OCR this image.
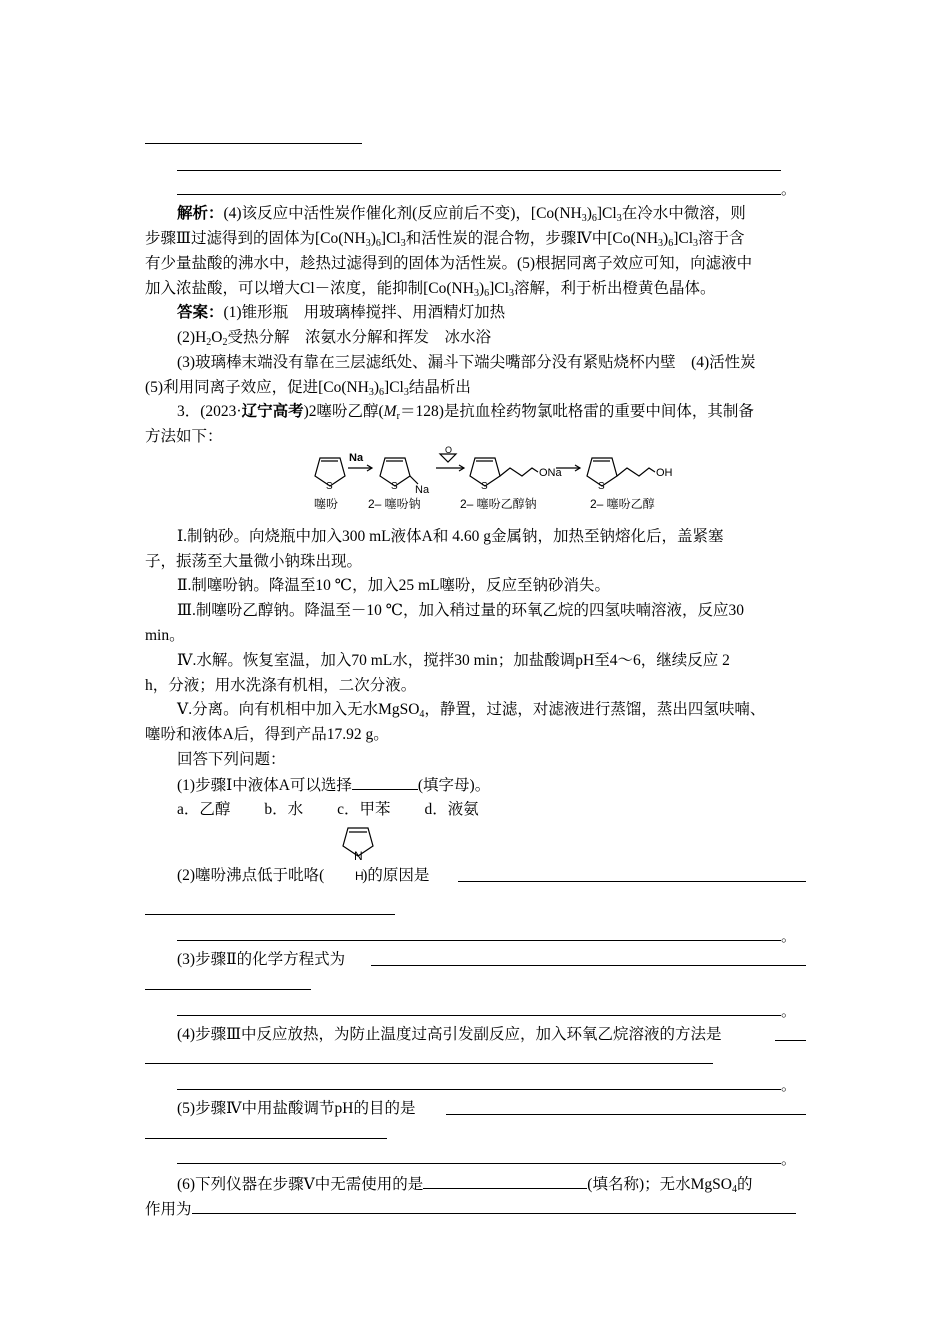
。
解析：(4)该反应中活性炭作催化剂(反应前后不变)，$[Co(NH_3)_6]Cl_3$在冷水中微溶，则
步骤Ⅲ过滤得到的固体为$[Co(NH_3)_6]Cl_3$和活性炭的混合物，步骤Ⅳ中$[Co(NH_3)_6]Cl_3$溶于含
有少量盐酸的沸水中，趁热过滤得到的固体为活性炭。(5)根据同离子效应可知，向滤液中
加入浓盐酸，可以增大Cl－浓度，能抑制$[Co(NH_3)_6]Cl_3$溶解，利于析出橙黄色晶体。
答案：(1)锥形瓶　用玻璃棒搅拌、用酒精灯加热
$(2)H_2O_2$受热分解　浓氨水分解和挥发　冰水浴
(3)玻璃棒末端没有靠在三层滤纸处、漏斗下端尖嘴部分没有紧贴烧杯内壁　(4)活性炭
(5)利用同离子效应，促进$[Co(NH_3)_6]Cl_3$结晶析出
3．(2023·辽宁高考)2噻吩乙醇$(M_r=128)$是抗血栓药物氯吡格雷的重要中间体，其制备
方法如下：
S
Na
S Na
O
S
ONa
S
OH
噻吩 2– 噻吩钠	2– 噻吩乙醇钠	2– 噻吩乙醇
Ⅰ.制钠砂。向烧瓶中加入300 mL液体A和 4.60 g金属钠，加热至钠熔化后，盖紧塞
子，振荡至大量微小钠珠出现。
Ⅱ.制噻吩钠。降温至10 ℃，加入25 mL噻吩，反应至钠砂消失。
Ⅲ.制噻吩乙醇钠。降温至－10 ℃，加入稍过量的环氧乙烷的四氢呋喃溶液，反应30
min。
Ⅳ.水解。恢复室温，加入70 mL水，搅拌30 min；加盐酸调pH至4～6，继续反应 2
h，分液；用水洗涤有机相，二次分液。
Ⅴ.分离。向有机相中加入无水MgSO$_4$，静置，过滤，对滤液进行蒸馏，蒸出四氢呋喃、
噻吩和液体A后，得到产品17.92 g。
回答下列问题：
(1)步骤Ⅰ中液体A可以选择	(填字母)。
a．乙醇 b．水 c．甲苯 d．液氨
N
H
(2)噻吩沸点低于吡咯( )的原因是
。
(3)步骤Ⅱ的化学方程式为
。
(4)步骤Ⅲ中反应放热，为防止温度过高引发副反应，加入环氧乙烷溶液的方法是
。
(5)步骤Ⅳ中用盐酸调节pH的目的是
。
(6)下列仪器在步骤Ⅴ中无需使用的是	(填名称)；无水MgSO$_4$的
作用为
